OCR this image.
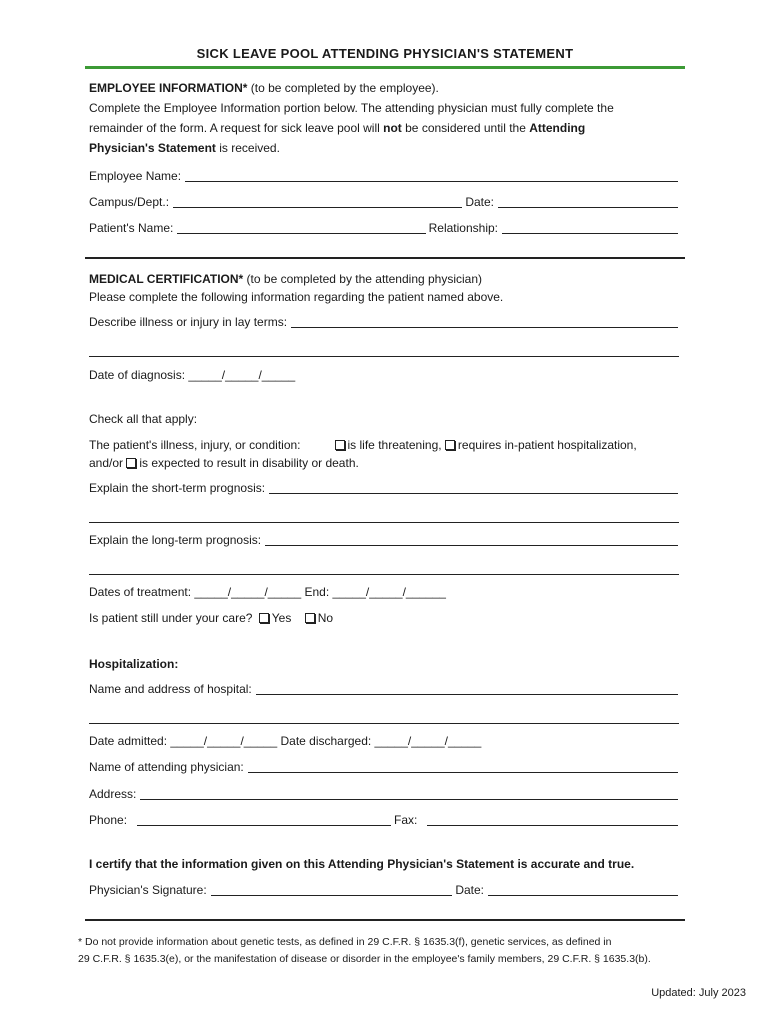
SICK LEAVE POOL ATTENDING PHYSICIAN'S STATEMENT
EMPLOYEE INFORMATION* (to be completed by the employee).
Complete the Employee Information portion below. The attending physician must fully complete the
remainder of the form. A request for sick leave pool will not be considered until the Attending
Physician's Statement is received.
Employee Name:
Campus/Dept.:	Date:
Patient's Name:	Relationship:
MEDICAL CERTIFICATION* (to be completed by the attending physician)
Please complete the following information regarding the patient named above.
Describe illness or injury in lay terms:
Date of diagnosis: _____/_____/_____
Check all that apply:
The patient's illness, injury, or condition:	is life threatening, requires in-patient hospitalization,
and/or is expected to result in disability or death.
Explain the short-term prognosis:
Explain the long-term prognosis:
Dates of treatment: _____/_____/_____ End: _____/_____/______
Is patient still under your care? Yes No
Hospitalization:
Name and address of hospital:
Date admitted: _____/_____/_____ Date discharged: _____/_____/_____
Name of attending physician:
Address:
Phone:	Fax:
I certify that the information given on this Attending Physician's Statement is accurate and true.
Physician's Signature:	Date:
* Do not provide information about genetic tests, as defined in 29 C.F.R. § 1635.3(f), genetic services, as defined in
29 C.F.R. § 1635.3(e), or the manifestation of disease or disorder in the employee's family members, 29 C.F.R. § 1635.3(b).
Updated: July 2023
